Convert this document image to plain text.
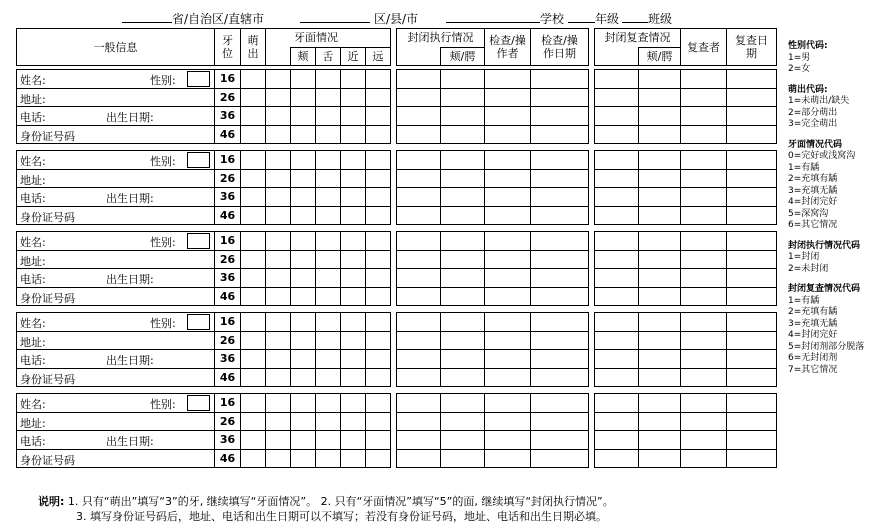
省/自治区/直辖市	区/县/市	学校	年级 班级
一般信息	牙位	萌出	牙面情况						封闭执行情况		检查/操作者	检查/操作日期		封闭复查情况		复查者	复查日期
				颊	舌	近	远			颊/腭					颊/腭		

姓名: 性别:	16																

地址:	26																

电话: 出生日期:	36																

身份证号码	46																

姓名: 性别:	16																

地址:	26																

电话: 出生日期:	36																

身份证号码	46																

姓名: 性别:	16																

地址:	26																

电话: 出生日期:	36																

身份证号码	46																

姓名: 性别:	16																

地址:	26																

电话: 出生日期:	36																

身份证号码	46																

姓名: 性别:	16																

地址:	26																

电话: 出生日期:	36																

身份证号码	46																
性别代码:
1=男
2=女
萌出代码:
1=未萌出/缺失
2=部分萌出
3=完全萌出
牙面情况代码
0=完好或浅窝沟
1=有龋
2=充填有龋
3=充填无龋
4=封闭完好
5=深窝沟
6=其它情况
封闭执行情况代码
1=封闭
2=未封闭
封闭复查情况代码
1=有龋
2=充填有龋
3=充填无龋
4=封闭完好
5=封闭剂部分脱落
6=无封闭剂
7=其它情况
说明: 1. 只有“萌出”填写“3”的牙, 继续填写“牙面情况”。 2. 只有“牙面情况”填写“5”的面, 继续填写“封闭执行情况”。
3. 填写身份证号码后，地址、电话和出生日期可以不填写；若没有身份证号码，地址、电话和出生日期必填。
